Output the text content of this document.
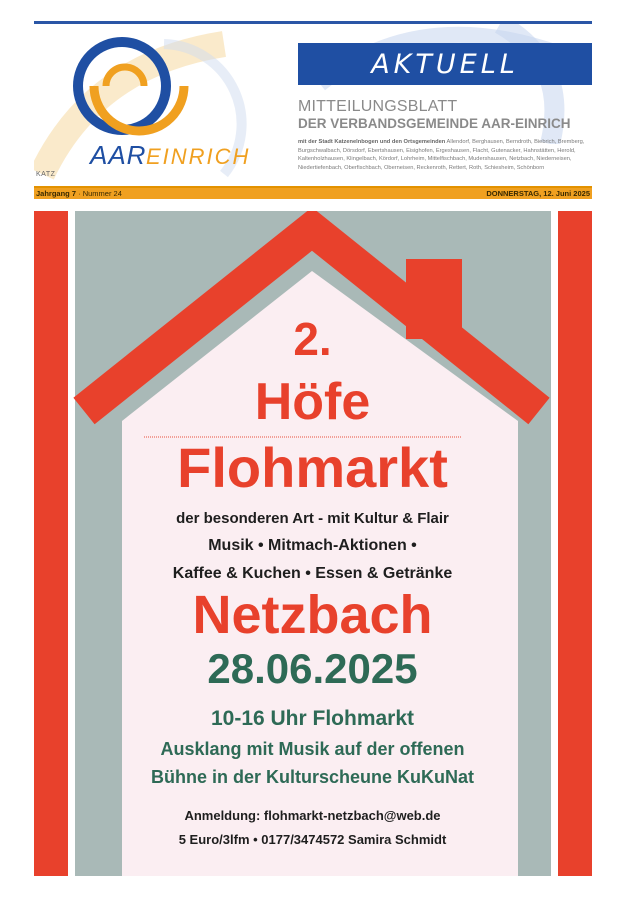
AAR EINRICH
KATZ
AKTUELL
MITTEILUNGSBLATT
DER VERBANDSGEMEINDE AAR-EINRICH
mit der Stadt Katzenelnbogen und den Ortsgemeinden Allendorf, Berghausen, Berndroth, Biebrich, Bremberg, Burgschwalbach, Dörsdorf, Ebertshausen, Eisighofen, Ergeshausen, Flacht, Gutenacker, Hahnstätten, Herold, Kaltenholzhausen, Klingelbach, Kördorf, Lohrheim, Mittelfischbach, Mudershausen, Netzbach, Niederneisen, Niedertiefenbach, Oberfischbach, Oberneisen, Reckenroth, Rettert, Roth, Schiesheim, Schönborn
Jahrgang 7 · Nummer 24	DONNERSTAG, 12. Juni 2025
2.
Höfe
Flohmarkt
der besonderen Art - mit Kultur & Flair
Musik • Mitmach-Aktionen •
Kaffee & Kuchen • Essen & Getränke
Netzbach
28.06.2025
10-16 Uhr Flohmarkt
Ausklang mit Musik auf der offenen
Bühne in der Kulturscheune KuKuNat
Anmeldung: flohmarkt-netzbach@web.de
5 Euro/3lfm • 0177/3474572 Samira Schmidt
